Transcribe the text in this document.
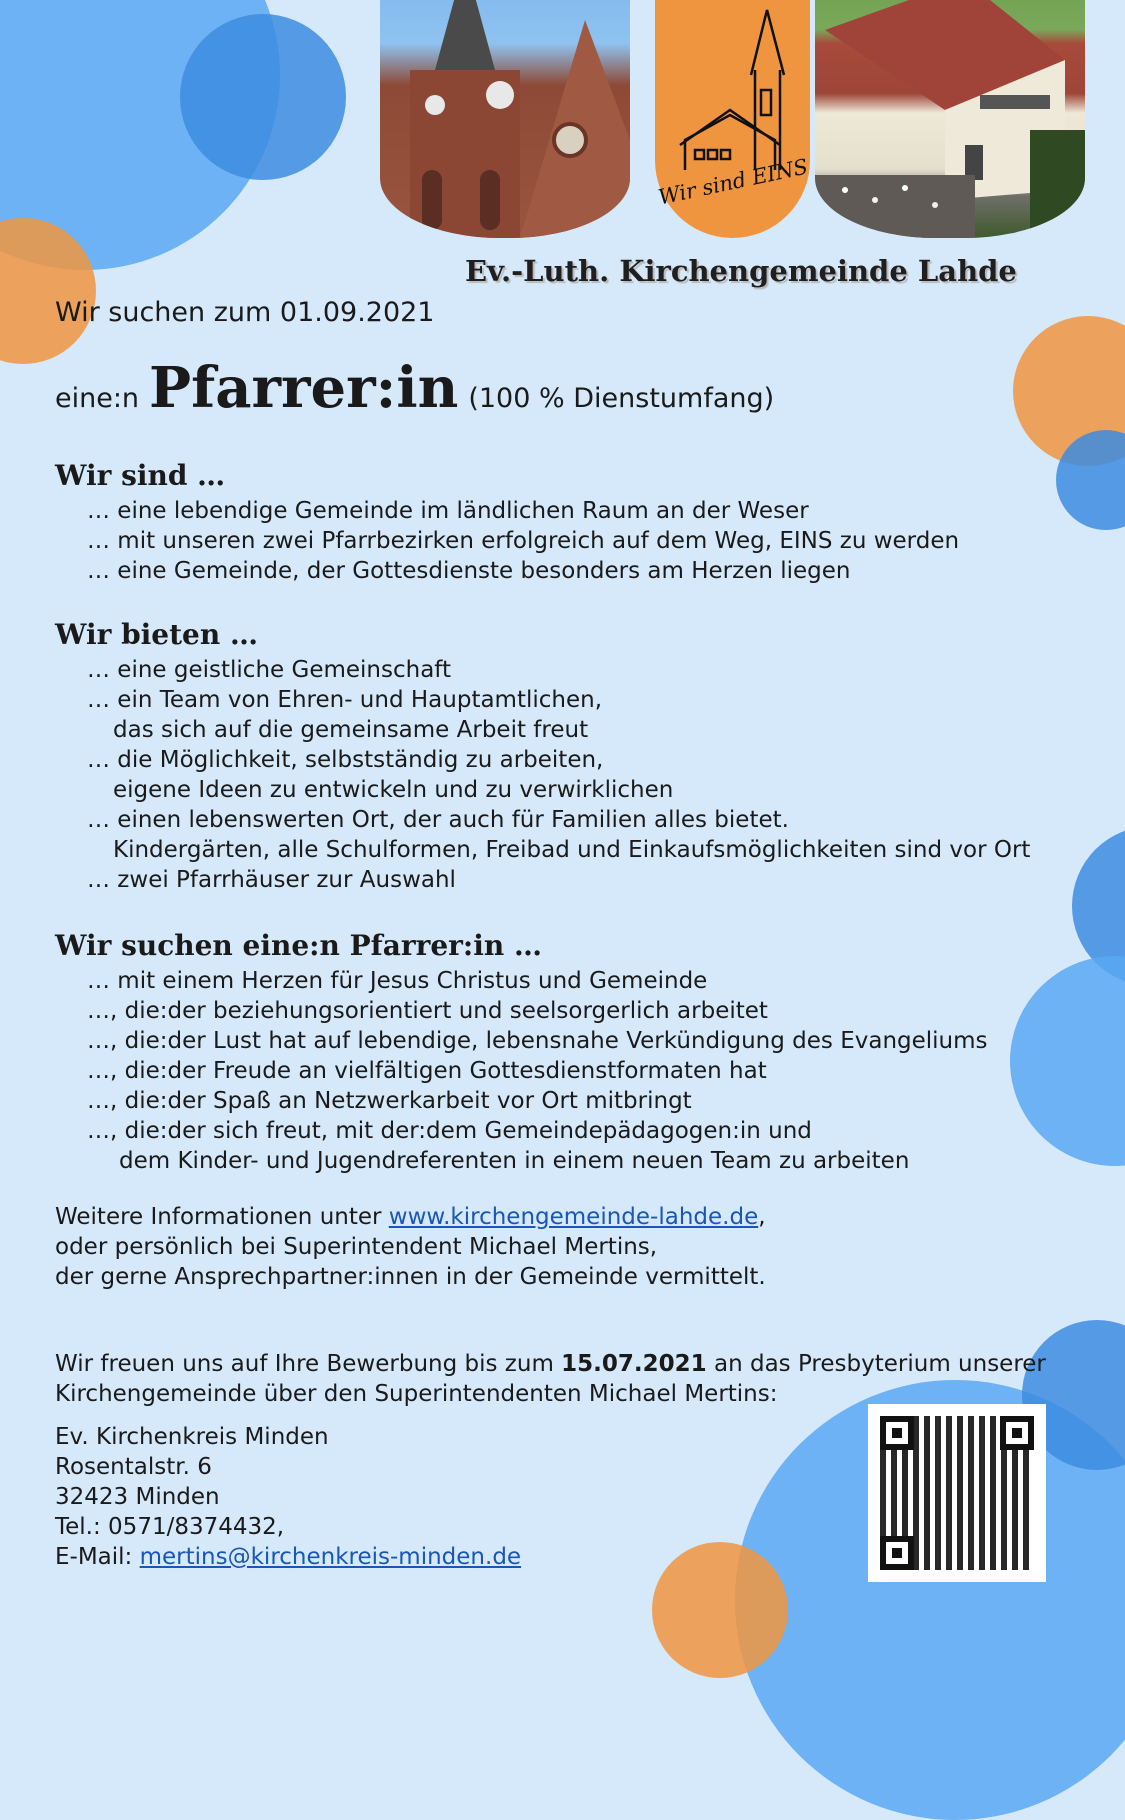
Wir sind EINS
Ev.-Luth. Kirchengemeinde Lahde
Wir suchen zum 01.09.2021
eine:n Pfarrer:in (100 % Dienstumfang)
Wir sind …
… eine lebendige Gemeinde im ländlichen Raum an der Weser
… mit unseren zwei Pfarrbezirken erfolgreich auf dem Weg, EINS zu werden
… eine Gemeinde, der Gottesdienste besonders am Herzen liegen
Wir bieten …
… eine geistliche Gemeinschaft
… ein Team von Ehren- und Hauptamtlichen,
das sich auf die gemeinsame Arbeit freut
… die Möglichkeit, selbstständig zu arbeiten,
eigene Ideen zu entwickeln und zu verwirklichen
… einen lebenswerten Ort, der auch für Familien alles bietet.
Kindergärten, alle Schulformen, Freibad und Einkaufsmöglichkeiten sind vor Ort
… zwei Pfarrhäuser zur Auswahl
Wir suchen eine:n Pfarrer:in …
… mit einem Herzen für Jesus Christus und Gemeinde
…, die:der beziehungsorientiert und seelsorgerlich arbeitet
…, die:der Lust hat auf lebendige, lebensnahe Verkündigung des Evangeliums
…, die:der Freude an vielfältigen Gottesdienstformaten hat
…, die:der Spaß an Netzwerkarbeit vor Ort mitbringt
…, die:der sich freut, mit der:dem Gemeindepädagogen:in und
dem Kinder- und Jugendreferenten in einem neuen Team zu arbeiten
Weitere Informationen unter www.kirchengemeinde-lahde.de,
oder persönlich bei Superintendent Michael Mertins,
der gerne Ansprechpartner:innen in der Gemeinde vermittelt.
Wir freuen uns auf Ihre Bewerbung bis zum 15.07.2021 an das Presbyterium unserer
Kirchengemeinde über den Superintendenten Michael Mertins:
Ev. Kirchenkreis Minden
Rosentalstr. 6
32423 Minden
Tel.: 0571/8374432,
E-Mail: mertins@kirchenkreis-minden.de
